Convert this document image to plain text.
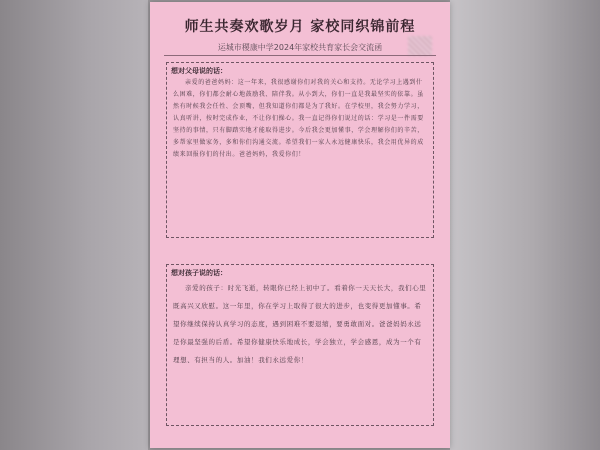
师生共奏欢歌岁月 家校同织锦前程
运城市稷康中学2024年家校共育家长会交流函
想对父母说的话：
亲爱的爸爸妈妈：这一年来，我很感谢你们对我的关心和支持。无论学习上遇到什么困难，你们都会耐心地鼓励我、陪伴我。从小到大，你们一直是我最坚实的依靠。虽然有时候我会任性、会顶嘴，但我知道你们都是为了我好。在学校里，我会努力学习，认真听讲，按时完成作业，不让你们操心。我一直记得你们说过的话：学习是一件需要坚持的事情，只有脚踏实地才能取得进步。今后我会更加懂事，学会理解你们的辛苦，多帮家里做家务，多和你们沟通交流。希望我们一家人永远健康快乐，我会用优异的成绩来回报你们的付出。爸爸妈妈，我爱你们！
想对孩子说的话：
亲爱的孩子：时光飞逝，转眼你已经上初中了。看着你一天天长大，我们心里既高兴又欣慰。这一年里，你在学习上取得了很大的进步，也变得更加懂事。希望你继续保持认真学习的态度，遇到困难不要退缩，要勇敢面对。爸爸妈妈永远是你最坚强的后盾。希望你健康快乐地成长，学会独立，学会感恩，成为一个有理想、有担当的人。加油！我们永远爱你！
